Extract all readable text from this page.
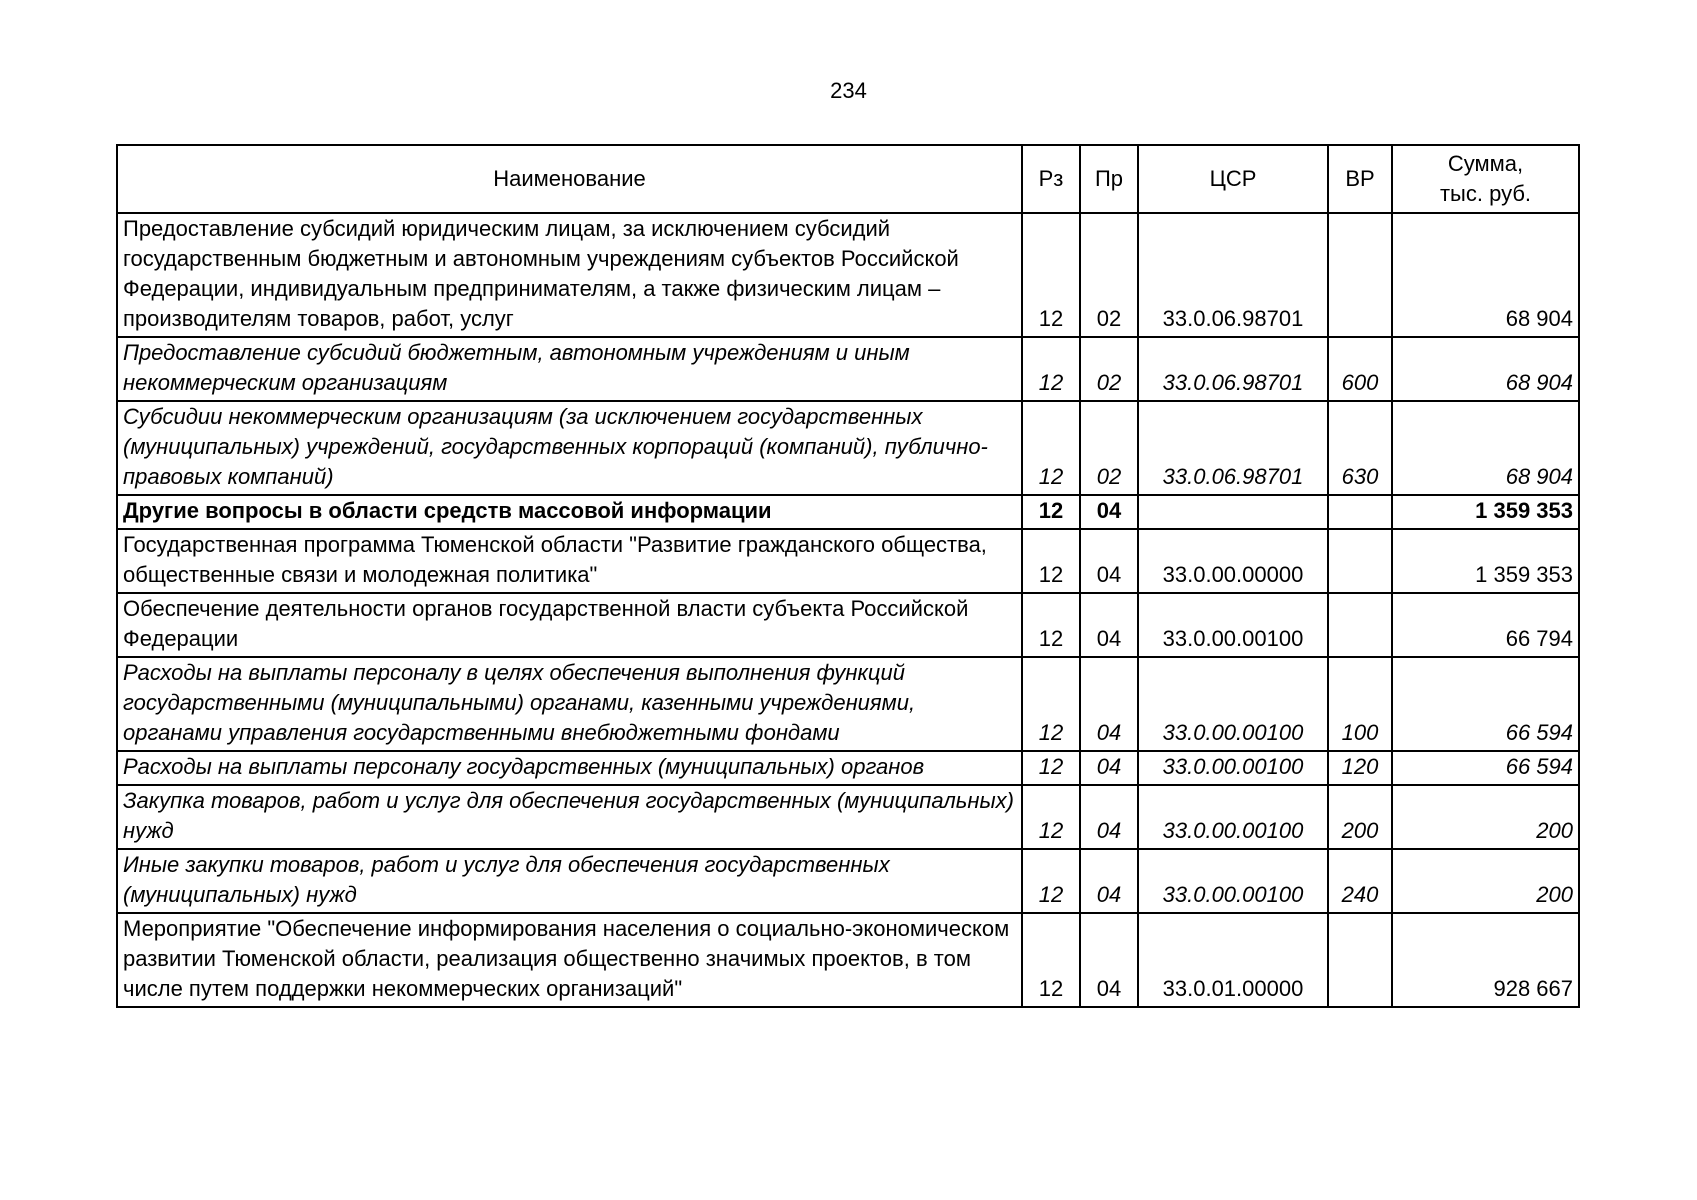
234
Наименование	Рз	Пр	ЦСР	ВР	Сумма,
тыс. руб.

Предоставление субсидий юридическим лицам, за исключением субсидий государственным бюджетным и автономным учреждениям субъектов Российской Федерации, индивидуальным предпринимателям, а также физическим лицам – производителям товаров, работ, услуг	12	02	33.0.06.98701		68 904
Предоставление субсидий бюджетным, автономным учреждениям и иным некоммерческим организациям	12	02	33.0.06.98701	600	68 904
Субсидии некоммерческим организациям (за исключением государственных (муниципальных) учреждений, государственных корпораций (компаний), публично-правовых компаний)	12	02	33.0.06.98701	630	68 904
Другие вопросы в области средств массовой информации	12	04			1 359 353
Государственная программа Тюменской области "Развитие гражданского общества, общественные связи и молодежная политика"	12	04	33.0.00.00000		1 359 353
Обеспечение деятельности органов государственной власти субъекта Российской Федерации	12	04	33.0.00.00100		66 794
Расходы на выплаты персоналу в целях обеспечения выполнения функций государственными (муниципальными) органами, казенными учреждениями, органами управления государственными внебюджетными фондами	12	04	33.0.00.00100	100	66 594
Расходы на выплаты персоналу государственных (муниципальных) органов	12	04	33.0.00.00100	120	66 594
Закупка товаров, работ и услуг для обеспечения государственных (муниципальных) нужд	12	04	33.0.00.00100	200	200
Иные закупки товаров, работ и услуг для обеспечения государственных (муниципальных) нужд	12	04	33.0.00.00100	240	200
Мероприятие "Обеспечение информирования населения о социально-экономическом развитии Тюменской области, реализация общественно значимых проектов, в том числе путем поддержки некоммерческих организаций"	12	04	33.0.01.00000		928 667
